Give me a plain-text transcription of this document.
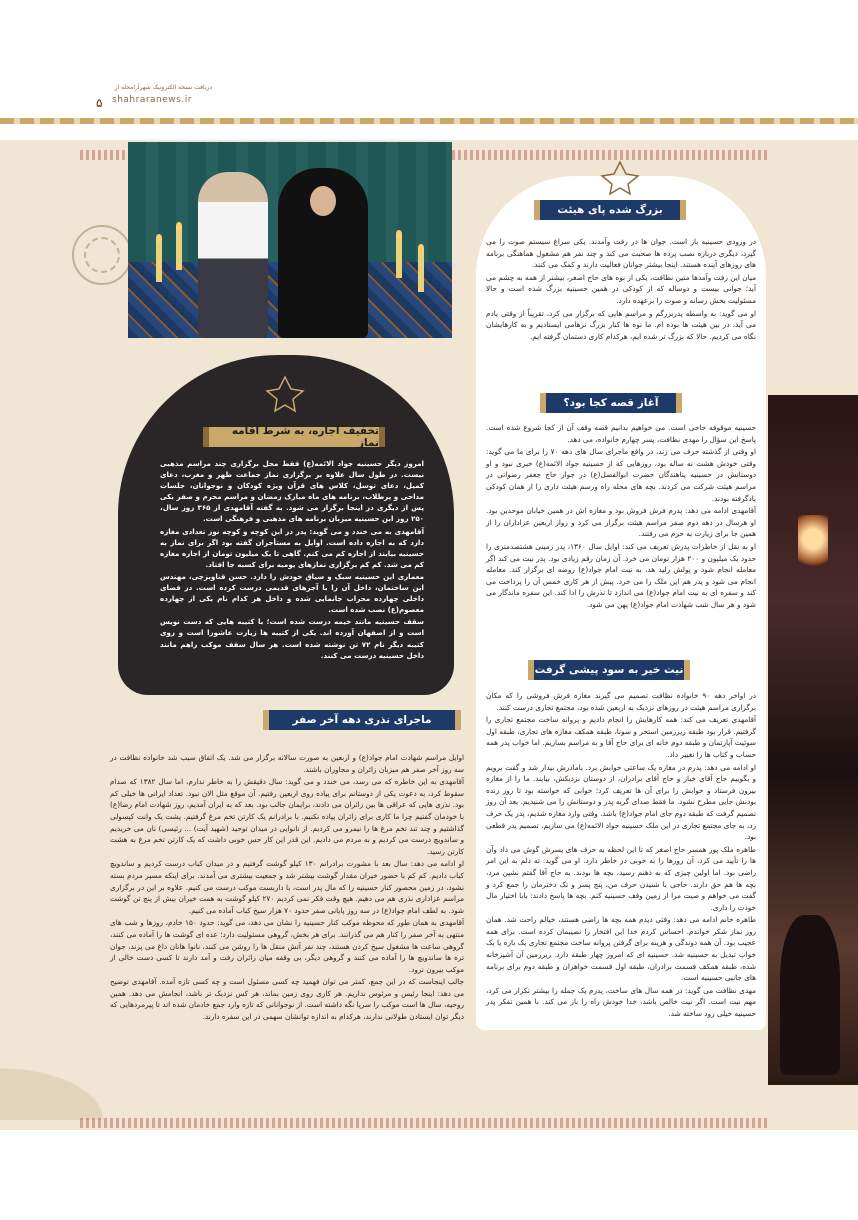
دریافت نسخه الکترونیک شهرآرامحله از
shahraranews.ir
۵
بزرگ شده پای هیئت

در ورودی حسینیه باز است. جوان ها در رفت وآمدند. یکی سراغ سیستم صوت را می گیرد، دیگری درباره نصب پرده ها صحبت می کند و چند نفر هم مشغول هماهنگی برنامه های روزهای آینده هستند. اینجا بیشتر جوانان فعالیت دارند و کمک می کنند.

میان این رفت وآمدها متین نظافت، یکی از نوه های حاج اصغر، بیشتر از همه به چشم می آید؛ جوانی بیست و دوساله که از کودکی در همین حسینیه بزرگ شده است و حالا مسئولیت بخش رسانه و صوت را برعهده دارد.

او می گوید: به واسطه پدربزرگم و مراسم هایی که برگزار می کرد، تقریباً از وقتی یادم می آید، در بین هیئت ها بوده ام. ما نوه ها کنار بزرگ ترهامی ایستادیم و به کارهایشان نگاه می کردیم. حالا که بزرگ تر شده ایم، هرکدام کاری دستمان گرفته ایم.

آغاز قصه کجا بود؟

حسینیه موقوفه حاجی است. می خواهیم بدانیم قصه وقف آن از کجا شروع شده است. پاسخ این سؤال را مهدی نظافت، پسر چهارم خانواده، می دهد.

او وقتی از گذشته حرف می زند، در واقع ماجرای سال های دهه ۷۰ را برای ما می گوید: وقتی خودش هشت نه ساله بود، روزهایی که از حسینیه جواد الائمه(ع) خبری نبود و او دوستانش در حسینیه پناهندگان حضرت ابوالفضل(ع) در جوار حاج جعفر رضوانی در مراسم هیئت شرکت می کردند. بچه های محله راه ورسم هیئت داری را از همان کودکی یادگرفته بودند.

آقامهدی ادامه می دهد: پدرم فرش فروش بود و مغازه اش در همین خیابان موحدین بود. او هرسال در دهه دوم صفر مراسم هیئت برگزار می کرد و زوار اربعین عزاداران را از همین جا برای زیارت به حرم می رفتند.

او به نقل از خاطرات پدرش تعریف می کند: اوایل سال ۱۳۶۰، پدر زمینی هشتصدمتری را حدود یک میلیون و ۲۰۰ هزار تومان می خرد. آن زمان رقم زیادی بود. پدر نیت می کند اگر معامله انجام شود و پولش رلید هد، به نیت امام جواد(ع) روضه ای برگزار کند. معامله انجام می شود و پدر هم این ملک را می خرد. پیش از هر کاری خمس آن را پرداخت می کند و سفره ای به نیت امام جواد(ع) می اندازد تا نذرش را ادا کند. این سفره ماندگار می شود و هر سال شب شهادت امام جواد(ع) پهن می شود.

نیت خیر به سود پیشی گرفت

در اواخر دهه ۹۰ خانواده نظافت تصمیم می گیرند مغازه فرش فروشی را که مکان برگزاری مراسم هیئت در روزهای نزدیک به اربعین شده بود، مجتمع تجاری درست کنند.

آقامهدی تعریف می کند: همه کارهایش را انجام دادیم و پروانه ساخت مجتمع تجاری را گرفتیم. قرار بود طبقه زیرزمین استخر و سونا، طبقه همکف مغازه های تجاری، طبقه اول سوئیت آپارتمان و طبقه دوم خانه ای برای حاج آقا و به مراسم بسازیم. اما خواب پدر همه حساب و کتاب ها را تغییر داد.

او ادامه می دهد: پدرم در مغازه یک ساعتی خوابش برد. بامادرش بیدار شد و گفت برویم و بگوییم حاج آقای خباز و حاج آقای برادران، از دوستان نزدیکش، بیایند. ما را از مغازه بیرون فرستاد و خوابش را برای آن ها تعریف کرد؛ خوابی که خواسته بود تا روز زنده بودنش جایی مطرح نشود. ما فقط صدای گریه پدر و دوستانش را می شنیدیم. بعد آن روز تصمیم گرفت که طبقه دوم جای امام جواد(ع) باشد. وقتی وارد مغازه شدیم، پدر یک حرف زد، به جای مجتمع تجاری در این ملک حسینیه جواد الائمه(ع) می سازیم. تصمیم پدر قطعی بود.

طاهره ملک پور همسر حاج اصغر که تا این لحظه به حرف های پسرش گوش می داد وآن ها را تأیید می کرد، آن روزها را به خوبی در خاطر دارد. او می گوید: ته دلم به این امر راضی بود. اما اولین چیزی که به ذهنم رسید، بچه ها بودند. به حاج آقا گفتم نشین مرد، بچه ها هم حق دارند. حاجی با شنیدن حرف من، پنج پسر و تک دخترمان را جمع کرد و گفت می خواهم و صیت مرا از زمین وقف حسینیه کنم. بچه ها پاسخ دادند: بابا اختیار مال خودت را داری.

طاهره خانم ادامه می دهد: وقتی دیدم همه بچه ها راضی هستند، خیالم راحت شد. همان روز نماز شکر خواندم. احساس کردم خدا این افتخار را نصیبمان کرده است. برای همه عجیب بود. آن همه دوندگی و هزینه برای گرفتن پروانه ساخت مجتمع تجاری یک باره یا یک خواب تبدیل به حسینیه شد. حسینیه ای که امروز چهار طبقه دارد. زیرزمین آن آشپزخانه شده، طبقه همکف قسمت برادران، طبقه اول قسمت خواهران و طبقه دوم برای برنامه های جانبی حسینیه است.

مهدی نظافت می گوید: در همه سال های ساخت، پدرم یک جمله را بیشتر تکرار می کرد، مهم نیت است. اگر نیت خالص باشد، خدا خودش راه را باز می کند. با همین تفکر پدر حسینیه خیلی زود ساخته شد.

تخفیف اجاره، به شرط اقامه نماز

امروز دیگر حسینیه جواد الائمه(ع) فقط محل برگزاری چند مراسم مذهبی نیست. در طول سال علاوه بر برگزاری نماز جماعت ظهر و مغرب، دعای کمیل، دعای توسل، کلاس های قرآن ویژه کودکان و نوجوانان، جلسات مداحی و پرطلاب، برنامه های ماه مبارک رمضان و مراسم محرم و صفر یکی پس از دیگری در اینجا برگزار می شود. به گفته آقامهدی از ۳۶۵ روز سال، ۲۵۰ روز این حسینیه میزبان برنامه های مذهبی و فرهنگی است.

آقامهدی به می خندد و می گوید: پدر در این کوچه و کوچه نور تعدادی مغازه دارد که به اجاره داده است. اوایل به مستأجران گفته بود اگر برای نماز به حسینیه بیایند از اجاره کم می کنم. گاهی تا یک میلیون تومان از اجاره مغازه کم می شد. کم کم برگزاری نمازهای یومیه برای کسبه جا افتاد.

معماری این حسینیه سبک و سیاق خودش را دارد. حسن قناویزچی، مهندس این ساختمان، داخل آن را با آجرهای قدیمی درست کرده است. در فضای داخلی چهارده محراب جانمایی شده و داخل هر کدام نام یکی از چهارده معصوم(ع) نصب شده است.

سقف حسینیه مانند خیمه درست شده است؛ با کتیبه هایی که دست نویس است و از اصفهان آورده اند. یکی از کتیبه ها زیارت عاشورا است و روی کتیبه دیگر نام ۷۲ تن نوشته شده است. هر سال سقف موکب راهم مانند داخل حسینیه درست می کنند.

ماجرای نذری دهه آخر صفر

اوایل مراسم شهادت امام جواد(ع) و اربعین به صورت سالانه برگزار می شد. یک اتفاق سبب شد خانواده نظافت در سه روز آخر صفر هم میزبان زائران و مجاوران باشند.

آقامهدی به این خاطره که می رسد، می خندد و می گوید: سال دقیقش را به خاطر ندارم، اما سال ۱۳۸۲ که صدام سقوط کرد، به دعوت یکی از دوستانم برای پیاده روی اربعین رفتیم. آن موقع مثل الان نبود. تعداد ایرانی ها خیلی کم بود. نذری هایی که عراقی ها بین زائران می دادند، برایمان جالب بود. بعد که به ایران آمدیم، روز شهادت امام رضا(ع) با خودمان گفتیم چرا ما کاری برای زائران پیاده نکنیم. با برادرانم یک کارتن تخم مرغ گرفتیم. پشت یک وانت کپسولی گذاشتیم و چند تند تخم مرغ ها را نیمرو می کردیم. از نانوایی در میدان توحید (شهید آیت) ... رئیسی) نان می خریدیم و ساندویچ درست می کردیم و به مردم می دادیم. این قدر این کار حس خوبی داشت که یک کارتن تخم مرغ به هشت کارتن رسید.

او ادامه می دهد: سال بعد با مشورت برادرانم ۱۳۰ کیلو گوشت گرفتیم و در میدان کباب درست کردیم و ساندویچ کباب دادیم. کم کم با حضور خیران مقدار گوشت بیشتر شد و جمعیت بیشتری می آمدند. برای اینکه مسیر مردم بسته نشود، در زمین محصور کنار حسینیه را که مال پدر است، با داربست موکب درست می کنیم. علاوه بر این در برگزاری مراسم عزاداری نذری هم می دهیم. هیچ وقت فکر نمی کردیم ۲۷۰ کیلو گوشت به همت خیران بیش از پنج تن گوشت شود. به لطف امام جواد(ع) در سه روز پایانی صفر حدود ۷۰ هزار سیخ کباب آماده می کنیم.

آقامهدی به همان طور که محوطه موکب کنار حسینیه را نشان می دهد، می گوید: حدود ۱۵۰ خادم، روزها و شب های منتهی به آخر صفر را کنار هم می گذرانند. برای هر بخش، گروهی مسئولیت دارد؛ عده ای گوشت ها را آماده می کنند، گروهی ساعت ها مشغول سیخ کردن هستند، چند نفر آتش منقل ها را روشن می کنند، نانوا هانان داغ می پزند، جوان تره ها ساندویچ ها را آماده می کنند و گروهی دیگر، بی وقفه میان زائران رفت و آمد دارند تا کسی دست خالی از موکب بیرون نرود.

جالب اینجاست که در این جمع، کمتر می توان فهمید چه کسی مسئول است و چه کسی تازه آمده. آقامهدی توضیح می دهد: اینجا رئیس و مرئوس نداریم. هر کاری روی زمین بماند، هر کس نزدیک تر باشد، انجامش می دهد. همین روحیه، سال ها است موکب را سرپا نگه داشته است. از نوجوانانی که تازه وارد جمع خادمان شده اند تا پیرمردهایی که دیگر توان ایستادن طولانی ندارند، هرکدام به اندازه توانشان سهمی در این سفره دارند.
